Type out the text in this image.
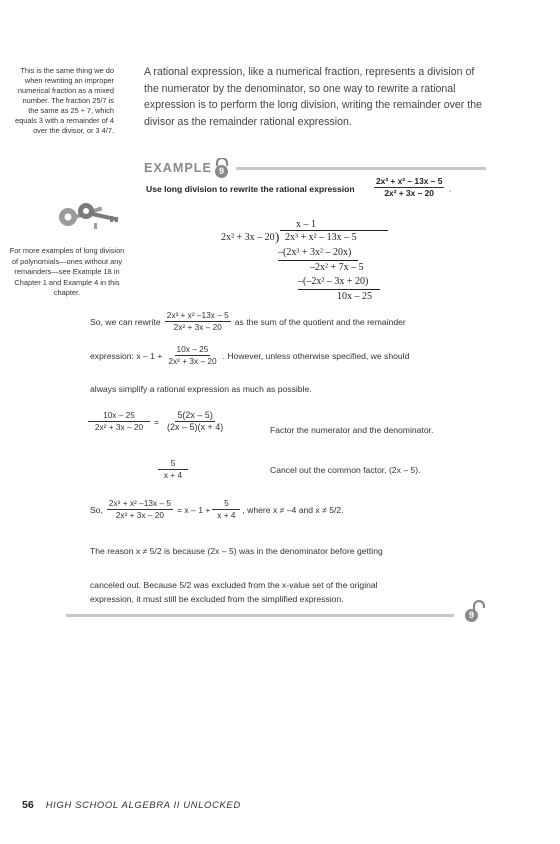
This is the same thing we do when rewriting an improper numerical fraction as a mixed number. The fraction 25/7 is the same as 25 ÷ 7, which equals 3 with a remainder of 4 over the divisor, or 3 4/7.
For more examples of long division of polynomials—ones without any remainders—see Example 18 in Chapter 1 and Example 4 in this chapter.
A rational expression, like a numerical fraction, represents a division of the numerator by the denominator, so one way to rewrite a rational expression is to perform the long division, writing the remainder over the divisor as the remainder rational expression.
EXAMPLE 9
Use long division to rewrite the rational expression $\frac{\text{2x³ + x² – 13x – 5}}{\text{2x² + 3x – 20}}$ .
x – 1
2x² + 3x – 20 ) 2x³ + x² – 13x – 5
–(2x³ + 3x² – 20x)
–2x² + 7x – 5
–(–2x² – 3x + 20)
10x – 25
So, we can rewrite $\frac{\text{2x³ + x² –13x – 5}}{\text{2x² + 3x – 20}}$ as the sum of the quotient and the remainder
expression: $x - 1 + \frac{10x - 25}{\text{2x² + 3x – 20}}$ . However, unless otherwise specified, we should
always simplify a rational expression as much as possible.
$\frac{10x - 25}{\text{2x² + 3x – 20}} = \frac{5(2x - 5)}{(2x - 5)(x + 4)}$	Factor the numerator and the denominator.
$\frac{5}{x + 4}$	Cancel out the common factor, (2x – 5).
So, $\frac{\text{2x³ + x² –13x – 5}}{\text{2x² + 3x – 20}} = x - 1 + \frac{5}{x + 4}$ , where x ≠ –4 and x ≠ 5/2.
The reason x ≠ 5/2 is because (2x – 5) was in the denominator before getting
canceled out. Because 5/2 was excluded from the x-value set of the original
expression, it must still be excluded from the simplified expression.
9
56 HIGH SCHOOL ALGEBRA II UNLOCKED
